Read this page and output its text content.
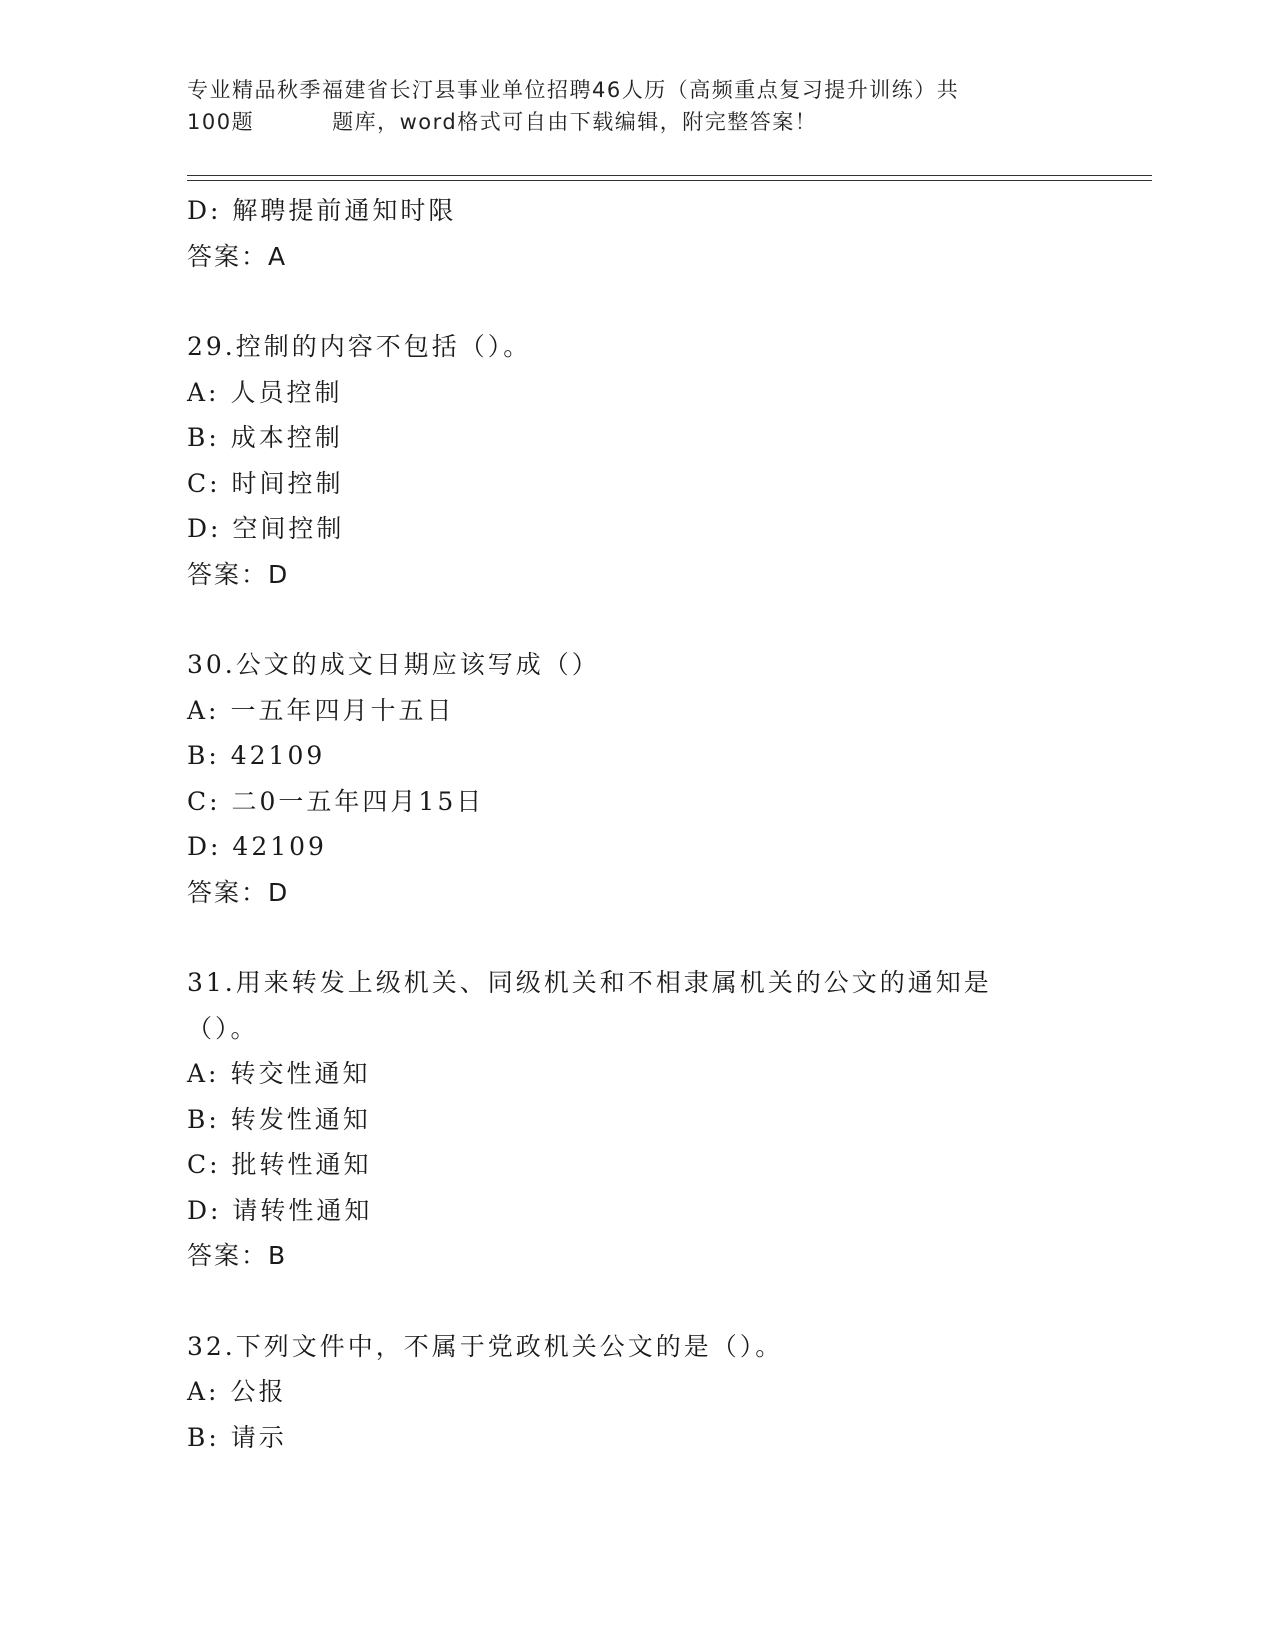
专业精品秋季福建省长汀县事业单位招聘46人历（高频重点复习提升训练）共
100题	题库，word格式可自由下载编辑，附完整答案！
D: 解聘提前通知时限
答案：A
29.控制的内容不包括（）。
A: 人员控制
B: 成本控制
C: 时间控制
D: 空间控制
答案：D
30.公文的成文日期应该写成（）
A: 一五年四月十五日
B: 42109
C: 二0一五年四月15日
D: 42109
答案：D
31.用来转发上级机关、同级机关和不相隶属机关的公文的通知是（）。
A: 转交性通知
B: 转发性通知
C: 批转性通知
D: 请转性通知
答案：B
32.下列文件中，不属于党政机关公文的是（）。
A: 公报
B: 请示
